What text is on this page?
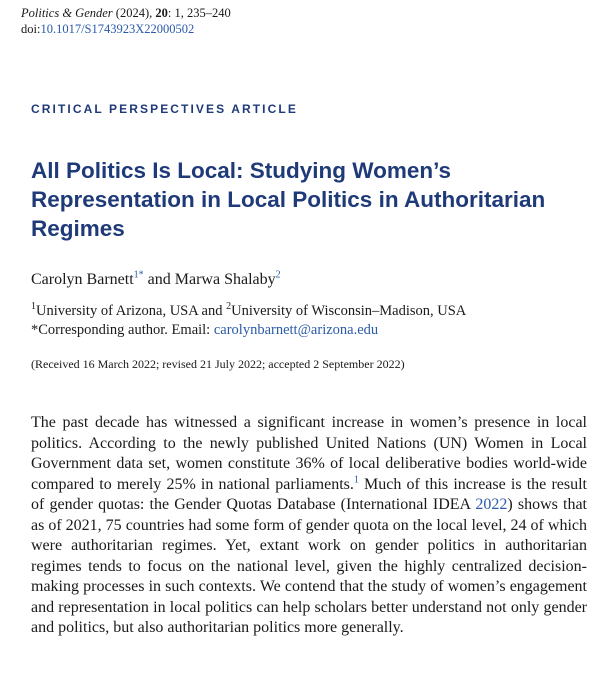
Politics & Gender (2024), 20: 1, 235–240
doi:10.1017/S1743923X22000502
CRITICAL PERSPECTIVES ARTICLE
All Politics Is Local: Studying Women’s Representation in Local Politics in Authoritarian Regimes
Carolyn Barnett$^{1*}$ and Marwa Shalaby$^2$
$^1$University of Arizona, USA and $^2$University of Wisconsin–Madison, USA
*Corresponding author. Email: carolynbarnett@arizona.edu
(Received 16 March 2022; revised 21 July 2022; accepted 2 September 2022)
The past decade has witnessed a significant increase in women’s presence in local politics. According to the newly published United Nations (UN) Women in Local Government data set, women constitute 36% of local deliberative bodies world-wide compared to merely 25% in national parliaments.$^1$ Much of this increase is the result of gender quotas: the Gender Quotas Database (International IDEA 2022) shows that as of 2021, 75 countries had some form of gender quota on the local level, 24 of which were authoritarian regimes. Yet, extant work on gender politics in authoritarian regimes tends to focus on the national level, given the highly centralized decision-making processes in such contexts. We contend that the study of women’s engagement and representation in local politics can help scholars better understand not only gender and politics, but also authoritarian politics more generally.
